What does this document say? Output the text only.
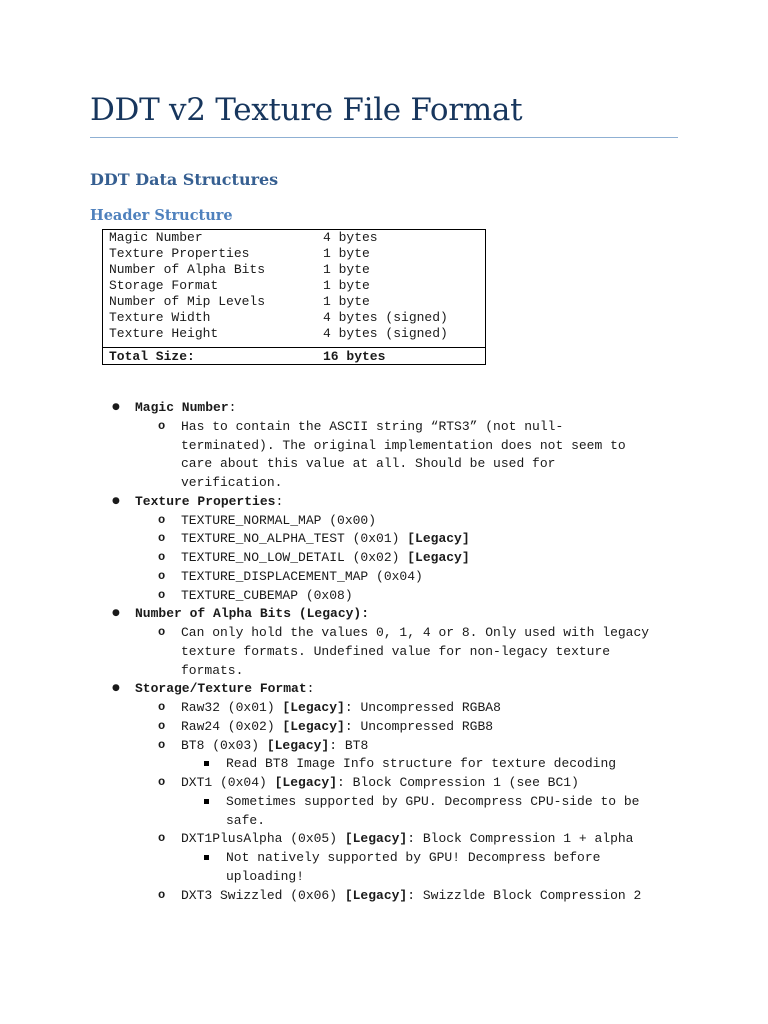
DDT v2 Texture File Format
DDT Data Structures
Header Structure
Magic Number	4 bytes
Texture Properties	1 byte
Number of Alpha Bits	1 byte
Storage Format	1 byte
Number of Mip Levels	1 byte
Texture Width	4 bytes (signed)
Texture Height	4 bytes (signed)
Total Size:	16 bytes
● Magic Number:
o Has to contain the ASCII string “RTS3” (not null-
terminated). The original implementation does not seem to
care about this value at all. Should be used for
verification.
● Texture Properties:
o TEXTURE_NORMAL_MAP (0x00)
o TEXTURE_NO_ALPHA_TEST (0x01) [Legacy]
o TEXTURE_NO_LOW_DETAIL (0x02) [Legacy]
o TEXTURE_DISPLACEMENT_MAP (0x04)
o TEXTURE_CUBEMAP (0x08)
● Number of Alpha Bits (Legacy):
o Can only hold the values 0, 1, 4 or 8. Only used with legacy
texture formats. Undefined value for non-legacy texture
formats.
● Storage/Texture Format:
o Raw32 (0x01) [Legacy]: Uncompressed RGBA8
o Raw24 (0x02) [Legacy]: Uncompressed RGB8
o BT8 (0x03) [Legacy]: BT8
Read BT8 Image Info structure for texture decoding
o DXT1 (0x04) [Legacy]: Block Compression 1 (see BC1)
Sometimes supported by GPU. Decompress CPU-side to be
safe.
o DXT1PlusAlpha (0x05) [Legacy]: Block Compression 1 + alpha
Not natively supported by GPU! Decompress before
uploading!
o DXT3 Swizzled (0x06) [Legacy]: Swizzlde Block Compression 2
